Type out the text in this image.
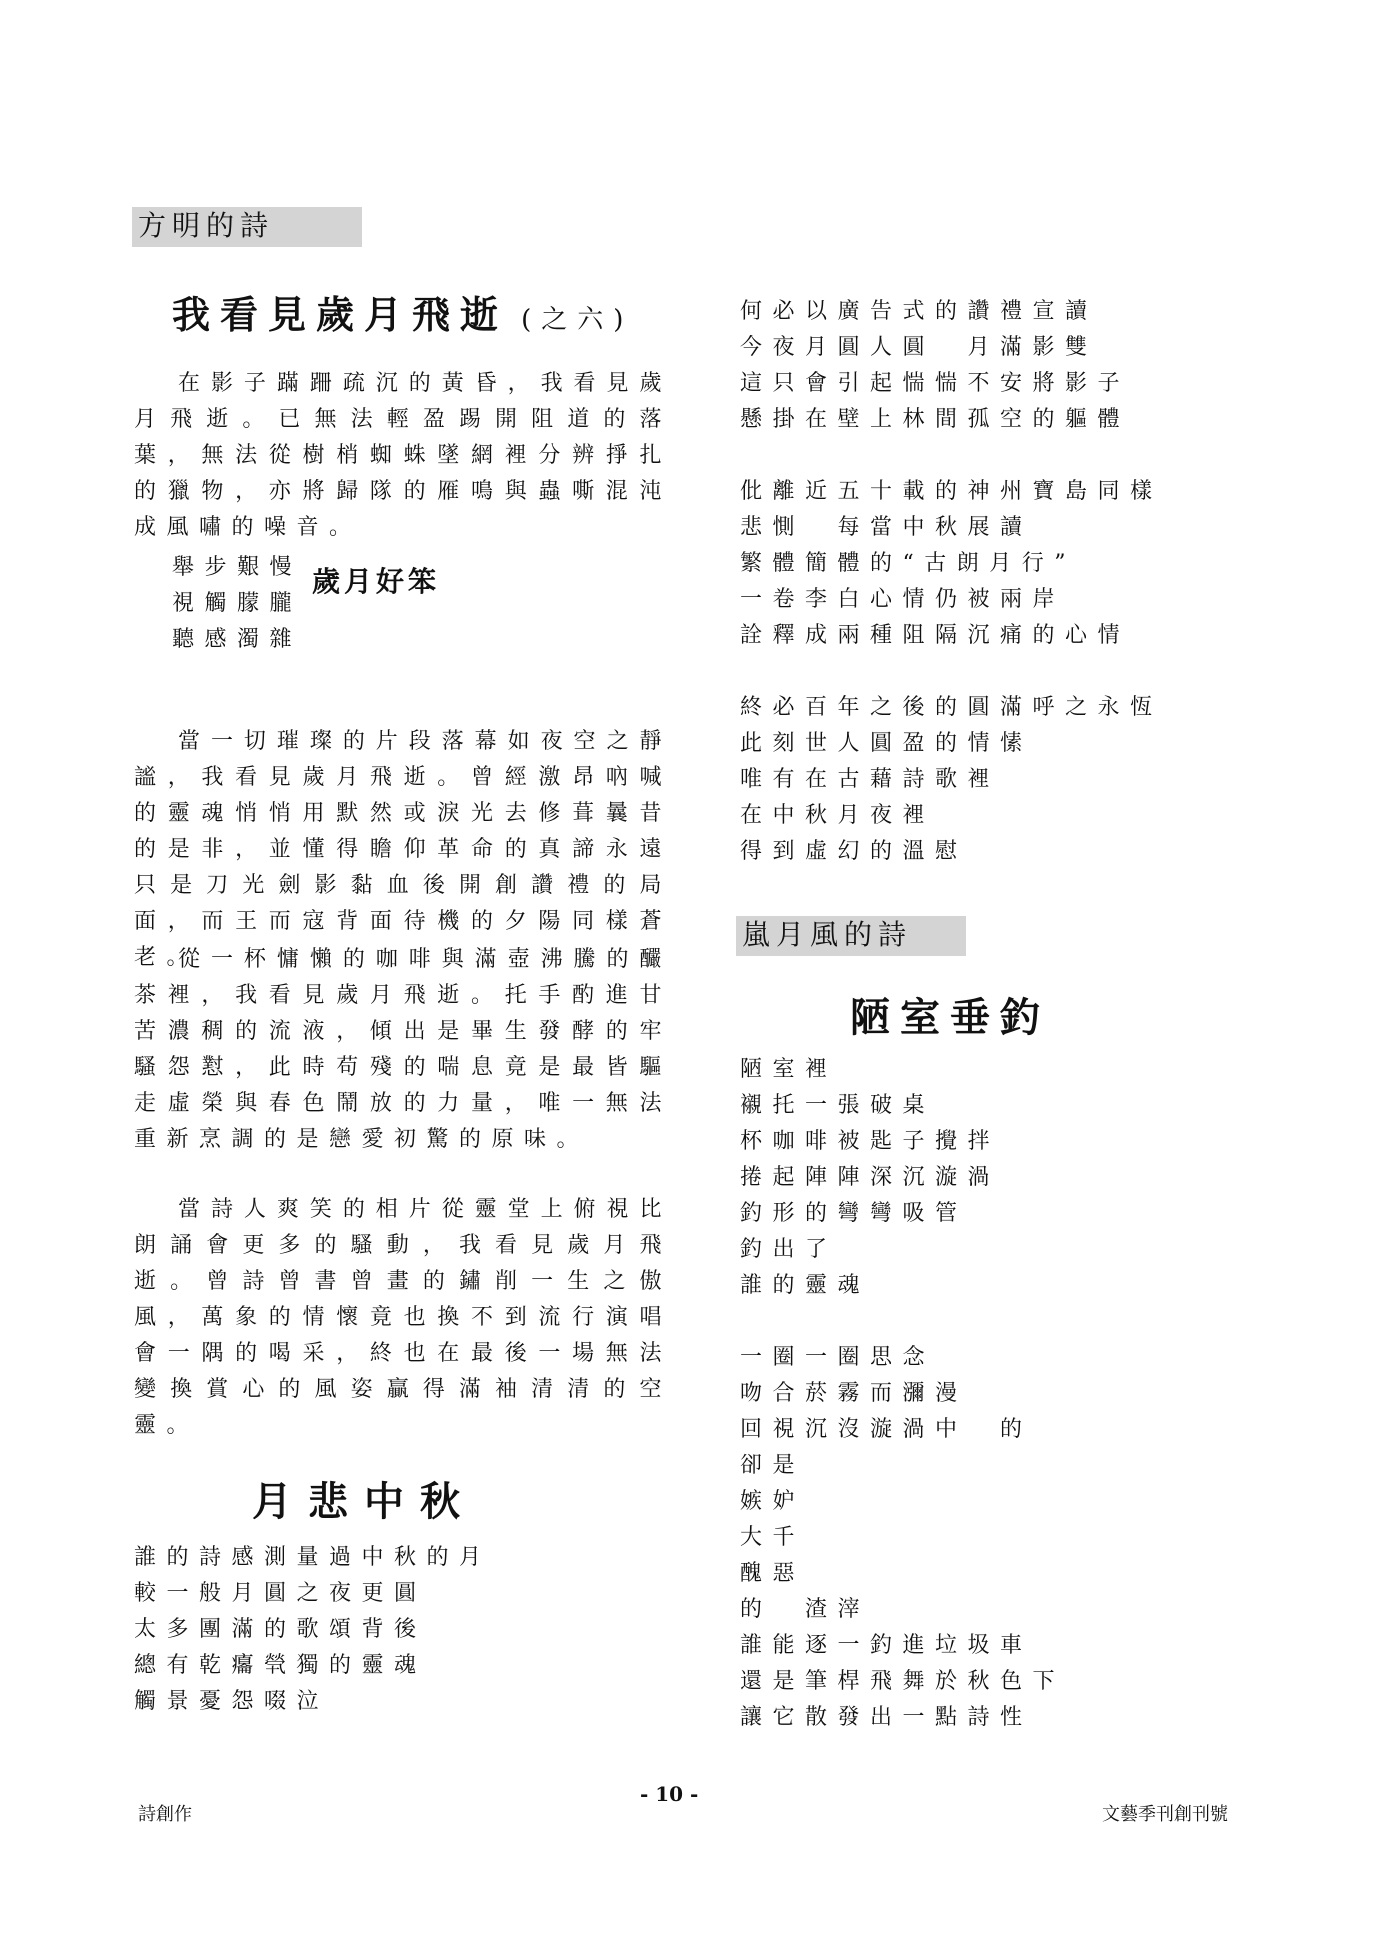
方明的詩
我看見歲月飛逝 (之六)

在影子蹣跚疏沉的黃昏，我看見歲月飛逝。已無法輕盈踢開阻道的落葉，無法從樹梢蜘蛛墜網裡分辨掙扎的獵物，亦將歸隊的雁鳴與蟲嘶混沌成風嘯的噪音。

舉步艱慢
視觸朦朧
聽感濁雜
歲月好笨

當一切璀璨的片段落幕如夜空之靜謐，我看見歲月飛逝。曾經激昂吶喊的靈魂悄悄用默然或淚光去修葺曩昔的是非，並懂得瞻仰革命的真諦永遠只是刀光劍影黏血後開創讚禮的局面，而王而寇背面待機的夕陽同樣蒼老。

從一杯慵懶的咖啡與滿壺沸騰的釅茶裡，我看見歲月飛逝。托手酌進甘苦濃稠的流液，傾出是畢生發酵的牢騷怨懟，此時苟殘的喘息竟是最皆驅走虛榮與春色鬧放的力量，唯一無法重新烹調的是戀愛初驚的原味。

當詩人爽笑的相片從靈堂上俯視比朗誦會更多的騷動，我看見歲月飛逝。曾詩曾書曾畫的鏽削一生之傲風，萬象的情懷竟也換不到流行演唱會一隅的喝采，終也在最後一場無法變換賞心的風姿贏得滿袖清清的空靈。

月悲中秋
誰的詩感測量過中秋的月
較一般月圓之夜更圓
太多團滿的歌頌背後
總有乾癟煢獨的靈魂
觸景憂怨啜泣
何必以廣告式的讚禮宣讀
今夜月圓人圓　月滿影雙
這只會引起惴惴不安將影子
懸掛在壁上林間孤空的軀體
仳離近五十載的神州寶島同樣
悲惻　每當中秋展讀
繁體簡體的“古朗月行”
一卷李白心情仍被兩岸
詮釋成兩種阻隔沉痛的心情
終必百年之後的圓滿呼之永恆
此刻世人圓盈的情愫
唯有在古藉詩歌裡
在中秋月夜裡
得到虛幻的溫慰
嵐月風的詩
陋室垂釣
陋室裡
襯托一張破桌
杯咖啡被匙子攪拌
捲起陣陣深沉漩渦
釣形的彎彎吸管
釣出了
誰的靈魂
一圈一圈思念
吻合菸霧而瀰漫
回視沉沒漩渦中　的
卻是
嫉妒
大千
醜惡
的　渣滓
誰能逐一釣進垃圾車
還是筆桿飛舞於秋色下
讓它散發出一點詩性
詩創作
- 10 -
文藝季刊創刊號
